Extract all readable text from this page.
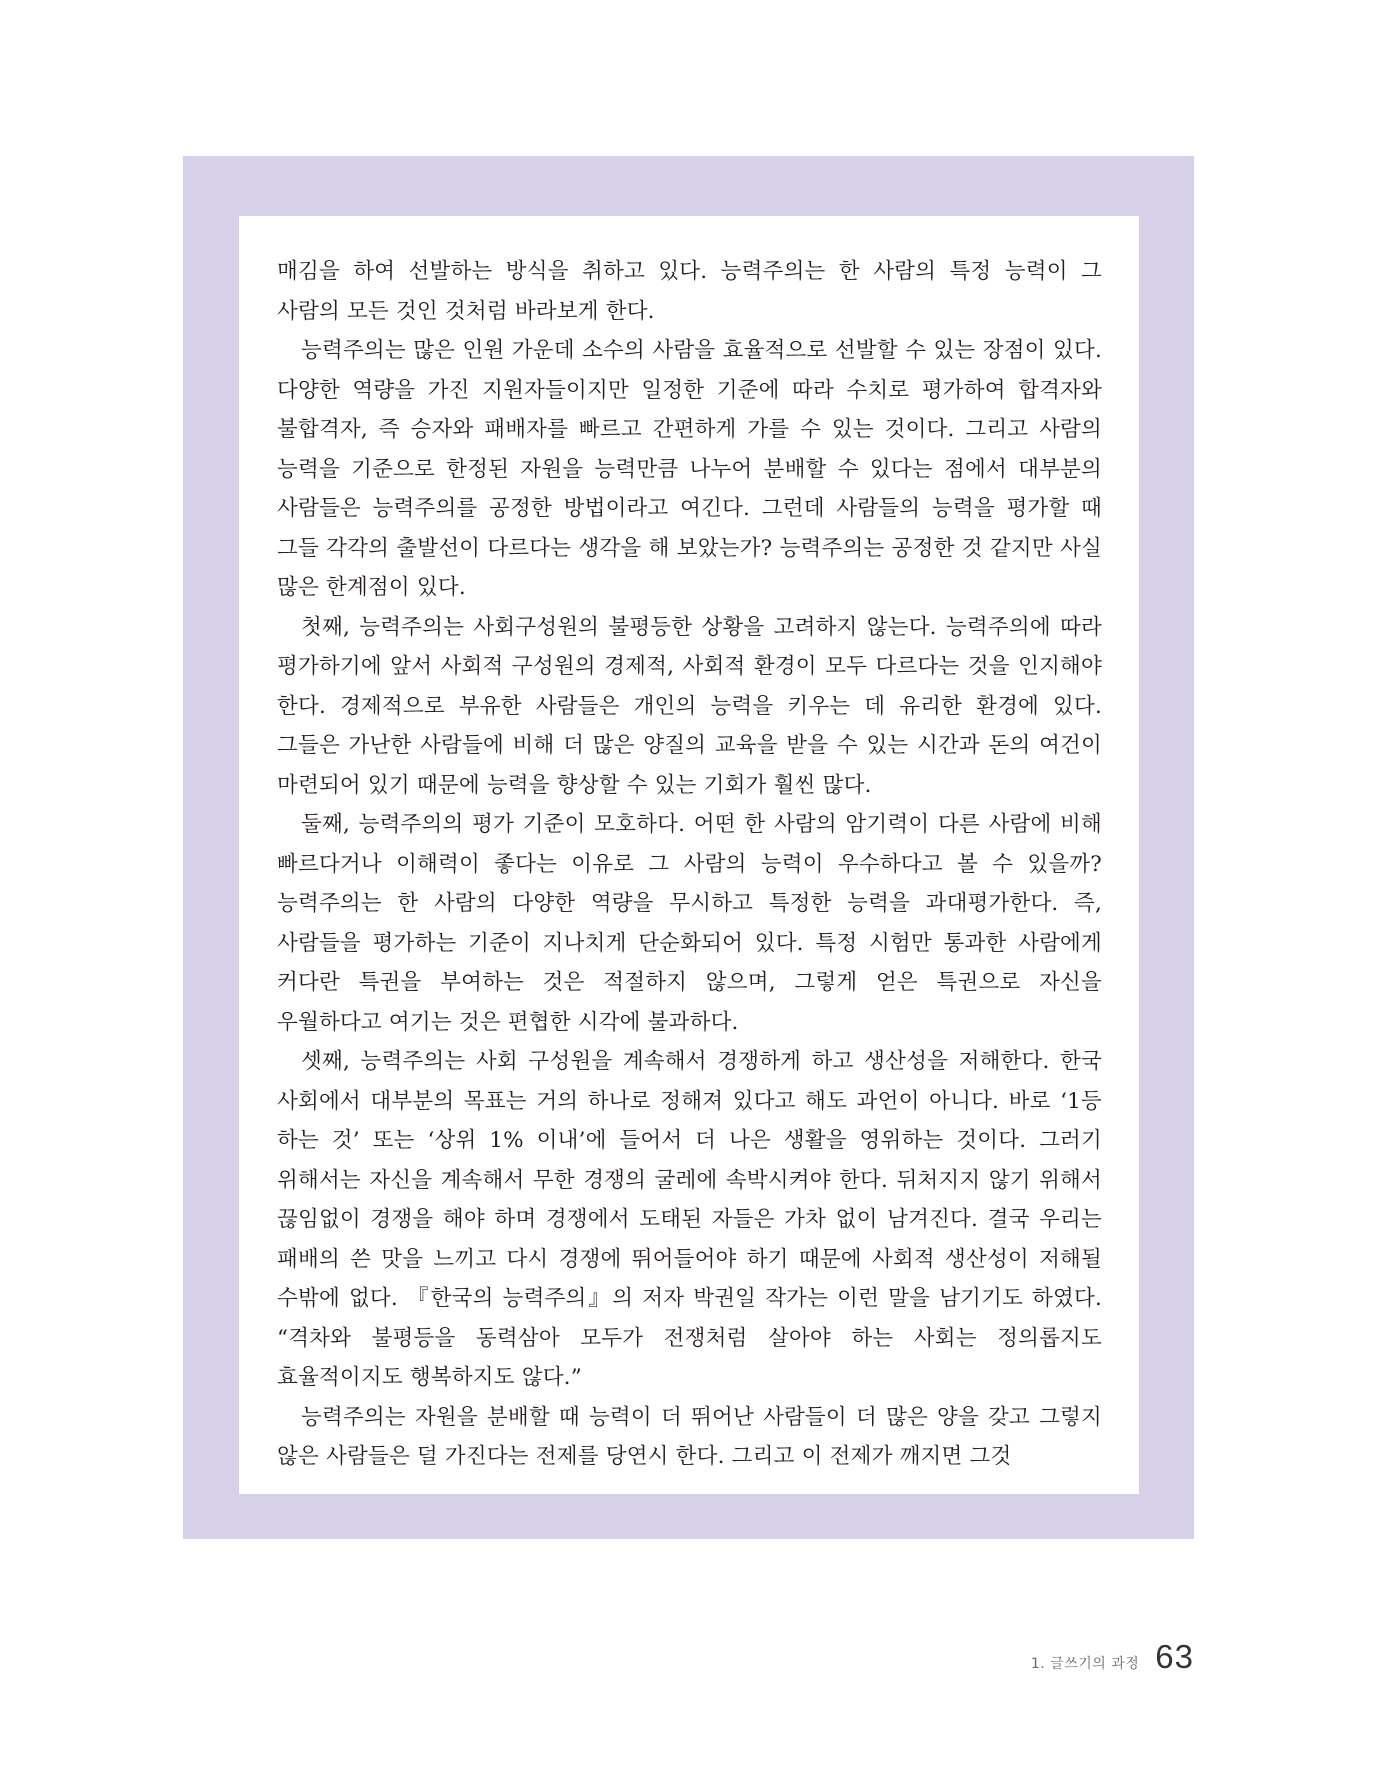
매김을 하여 선발하는 방식을 취하고 있다. 능력주의는 한 사람의 특정 능력이 그 사람의 모든 것인 것처럼 바라보게 한다.

능력주의는 많은 인원 가운데 소수의 사람을 효율적으로 선발할 수 있는 장점이 있다. 다양한 역량을 가진 지원자들이지만 일정한 기준에 따라 수치로 평가하여 합격자와 불합격자, 즉 승자와 패배자를 빠르고 간편하게 가를 수 있는 것이다. 그리고 사람의 능력을 기준으로 한정된 자원을 능력만큼 나누어 분배할 수 있다는 점에서 대부분의 사람들은 능력주의를 공정한 방법이라고 여긴다. 그런데 사람들의 능력을 평가할 때 그들 각각의 출발선이 다르다는 생각을 해 보았는가? 능력주의는 공정한 것 같지만 사실 많은 한계점이 있다.

첫째, 능력주의는 사회구성원의 불평등한 상황을 고려하지 않는다. 능력주의에 따라 평가하기에 앞서 사회적 구성원의 경제적, 사회적 환경이 모두 다르다는 것을 인지해야 한다. 경제적으로 부유한 사람들은 개인의 능력을 키우는 데 유리한 환경에 있다. 그들은 가난한 사람들에 비해 더 많은 양질의 교육을 받을 수 있는 시간과 돈의 여건이 마련되어 있기 때문에 능력을 향상할 수 있는 기회가 훨씬 많다.

둘째, 능력주의의 평가 기준이 모호하다. 어떤 한 사람의 암기력이 다른 사람에 비해 빠르다거나 이해력이 좋다는 이유로 그 사람의 능력이 우수하다고 볼 수 있을까? 능력주의는 한 사람의 다양한 역량을 무시하고 특정한 능력을 과대평가한다. 즉, 사람들을 평가하는 기준이 지나치게 단순화되어 있다. 특정 시험만 통과한 사람에게 커다란 특권을 부여하는 것은 적절하지 않으며, 그렇게 얻은 특권으로 자신을 우월하다고 여기는 것은 편협한 시각에 불과하다.

셋째, 능력주의는 사회 구성원을 계속해서 경쟁하게 하고 생산성을 저해한다. 한국 사회에서 대부분의 목표는 거의 하나로 정해져 있다고 해도 과언이 아니다. 바로 ‘1등 하는 것’ 또는 ‘상위 1% 이내’에 들어서 더 나은 생활을 영위하는 것이다. 그러기 위해서는 자신을 계속해서 무한 경쟁의 굴레에 속박시켜야 한다. 뒤처지지 않기 위해서 끊임없이 경쟁을 해야 하며 경쟁에서 도태된 자들은 가차 없이 남겨진다. 결국 우리는 패배의 쓴 맛을 느끼고 다시 경쟁에 뛰어들어야 하기 때문에 사회적 생산성이 저해될 수밖에 없다. 『한국의 능력주의』의 저자 박권일 작가는 이런 말을 남기기도 하였다. “격차와 불평등을 동력삼아 모두가 전쟁처럼 살아야 하는 사회는 정의롭지도 효율적이지도 행복하지도 않다.”

능력주의는 자원을 분배할 때 능력이 더 뛰어난 사람들이 더 많은 양을 갖고 그렇지 않은 사람들은 덜 가진다는 전제를 당연시 한다. 그리고 이 전제가 깨지면 그것

1. 글쓰기의 과정 63
